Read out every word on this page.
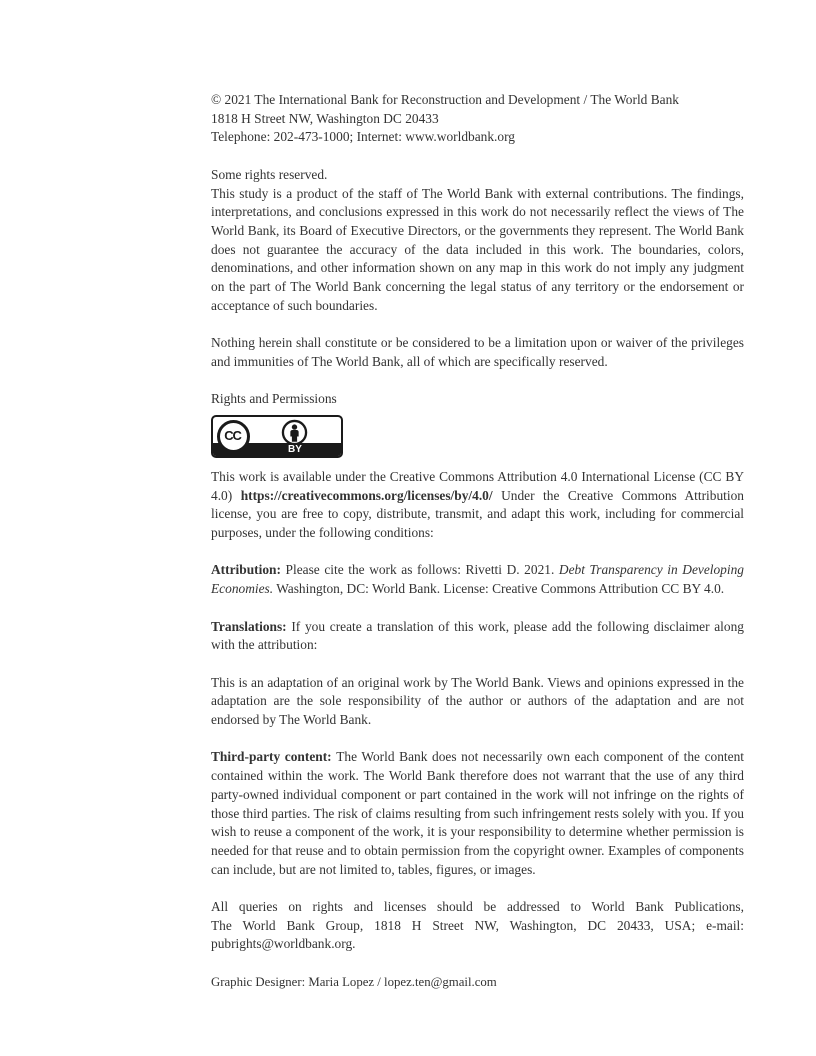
© 2021 The International Bank for Reconstruction and Development / The World Bank
1818 H Street NW, Washington DC 20433
Telephone: 202-473-1000; Internet: www.worldbank.org
Some rights reserved.

This study is a product of the staff of The World Bank with external contributions. The findings, interpretations, and conclusions expressed in this work do not necessarily reflect the views of The World Bank, its Board of Executive Directors, or the governments they represent. The World Bank does not guarantee the accuracy of the data included in this work. The boundaries, colors, denominations, and other information shown on any map in this work do not imply any judgment on the part of The World Bank concerning the legal status of any territory or the endorsement or acceptance of such boundaries.

Nothing herein shall constitute or be considered to be a limitation upon or waiver of the privileges and immunities of The World Bank, all of which are specifically reserved.

Rights and Permissions
CC
BY

This work is available under the Creative Commons Attribution 4.0 International License (CC BY 4.0) https://creativecommons.org/licenses/by/4.0/ Under the Creative Commons Attribution license, you are free to copy, distribute, transmit, and adapt this work, including for commercial purposes, under the following conditions:

Attribution: Please cite the work as follows: Rivetti D. 2021. Debt Transparency in Developing Economies. Washington, DC: World Bank. License: Creative Commons Attribution CC BY 4.0.

Translations: If you create a translation of this work, please add the following disclaimer along with the attribution:

This is an adaptation of an original work by The World Bank. Views and opinions expressed in the adaptation are the sole responsibility of the author or authors of the adaptation and are not endorsed by The World Bank.

Third-party content: The World Bank does not necessarily own each component of the content contained within the work. The World Bank therefore does not warrant that the use of any third party-owned individual component or part contained in the work will not infringe on the rights of those third parties. The risk of claims resulting from such infringement rests solely with you. If you wish to reuse a component of the work, it is your responsibility to determine whether permission is needed for that reuse and to obtain permission from the copyright owner. Examples of components can include, but are not limited to, tables, figures, or images.

All queries on rights and licenses should be addressed to World Bank Publications,
The World Bank Group, 1818 H Street NW, Washington, DC 20433, USA; e-mail:
pubrights@worldbank.org.

Graphic Designer: Maria Lopez / lopez.ten@gmail.com
